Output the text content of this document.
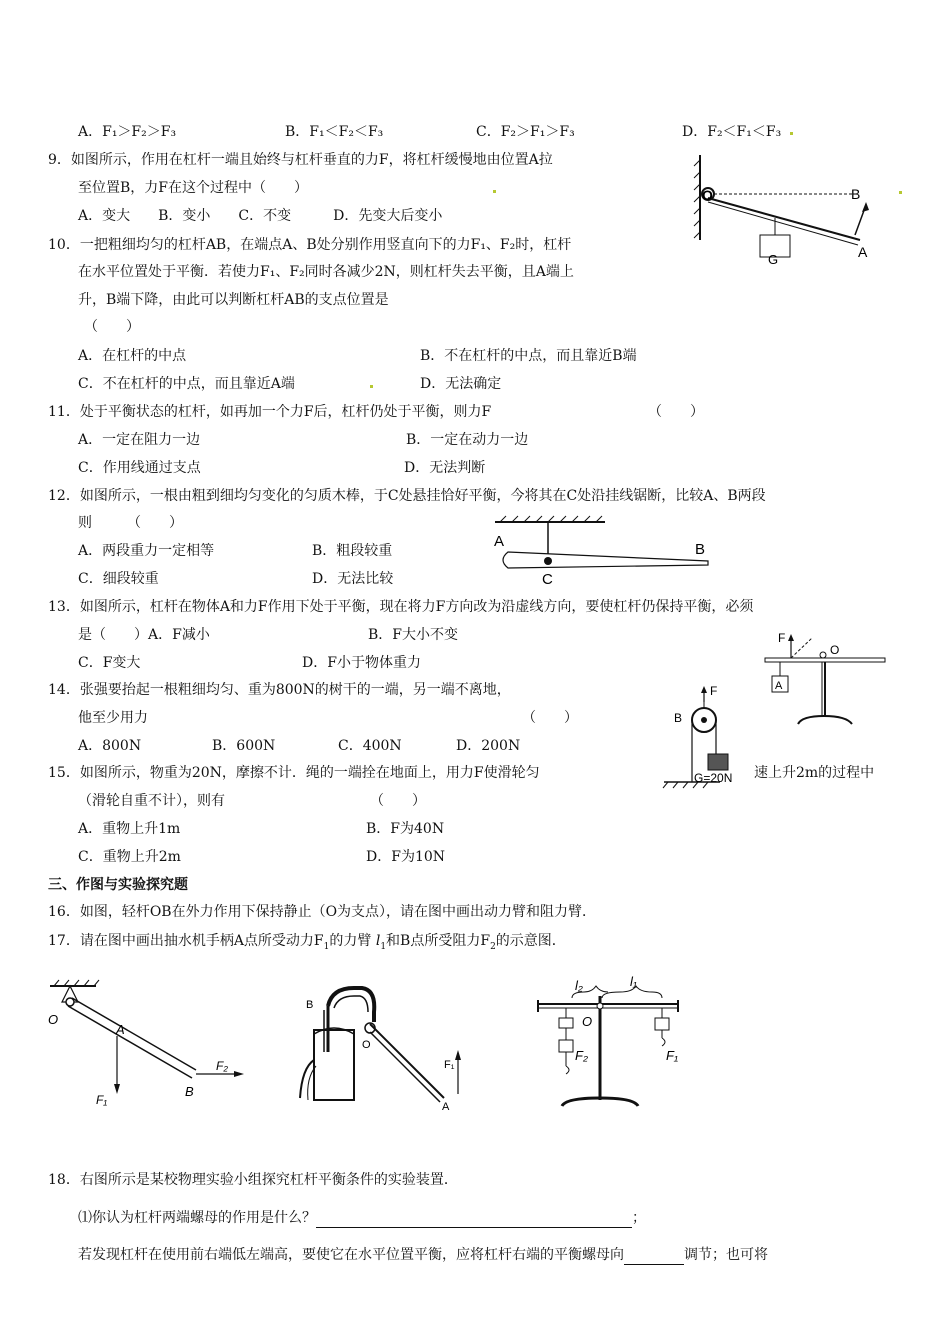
A．F₁＞F₂＞F₃	B．F₁＜F₂＜F₃	C．F₂＞F₁＞F₃	D．F₂＜F₁＜F₃
9．如图所示，作用在杠杆一端且始终与杠杆垂直的力F，将杠杆缓慢地由位置A拉
至位置B，力F在这个过程中（　　）
A．变大　　B．变小　　C．不变　　　D．先变大后变小
O	B
A
G
10．一把粗细均匀的杠杆AB，在端点A、B处分别作用竖直向下的力F₁、F₂时，杠杆
在水平位置处于平衡．若使力F₁、F₂同时各减少2N，则杠杆失去平衡，且A端上
升，B端下降，由此可以判断杠杆AB的支点位置是
（　　）
A．在杠杆的中点	B．不在杠杆的中点，而且靠近B端
C．不在杠杆的中点，而且靠近A端	D．无法确定
11．处于平衡状态的杠杆，如再加一个力F后，杠杆仍处于平衡，则力F	（　　）
A．一定在阻力一边	B．一定在动力一边
C．作用线通过支点	D．无法判断
12．如图所示，一根由粗到细均匀变化的匀质木棒，于C处悬挂恰好平衡，今将其在C处沿挂线锯断，比较A、B两段
则　　　（　　）
A．两段重力一定相等	B．粗段较重
C．细段较重	D．无法比较
A	B
C
13．如图所示，杠杆在物体A和力F作用下处于平衡，现在将力F方向改为沿虚线方向，要使杠杆仍保持平衡，必须
是（　　）A．F减小	B．F大小不变
C．F变大	D．F小于物体重力
F
O
A
14．张强要抬起一根粗细均匀、重为800N的树干的一端，另一端不离地，
他至少用力	（　　）
A．800N	B．600N	C．400N	D．200N
15．如图所示，物重为20N，摩擦不计．绳的一端拴在地面上，用力F使滑轮匀	速上升2m的过程中
（滑轮自重不计），则有	（　　）
A．重物上升1m	B．F为40N
C．重物上升2m	D．F为10N
F
B
G=20N
三、作图与实验探究题
16．如图，轻杆OB在外力作用下保持静止（O为支点），请在图中画出动力臂和阻力臂．
17．请在图中画出抽水机手柄A点所受动力$F_1$的力臂 $l_1$和B点所受阻力$F_2$的示意图．
O
A
B
F₁
F₂
B
O
A
F₁
l₂	l₁
O
F₂	F₁
18．右图所示是某校物理实验小组探究杠杆平衡条件的实验装置．
⑴你认为杠杆两端螺母的作用是什么？	；
若发现杠杆在使用前右端低左端高，要使它在水平位置平衡，应将杠杆右端的平衡螺母向	调节；也可将
